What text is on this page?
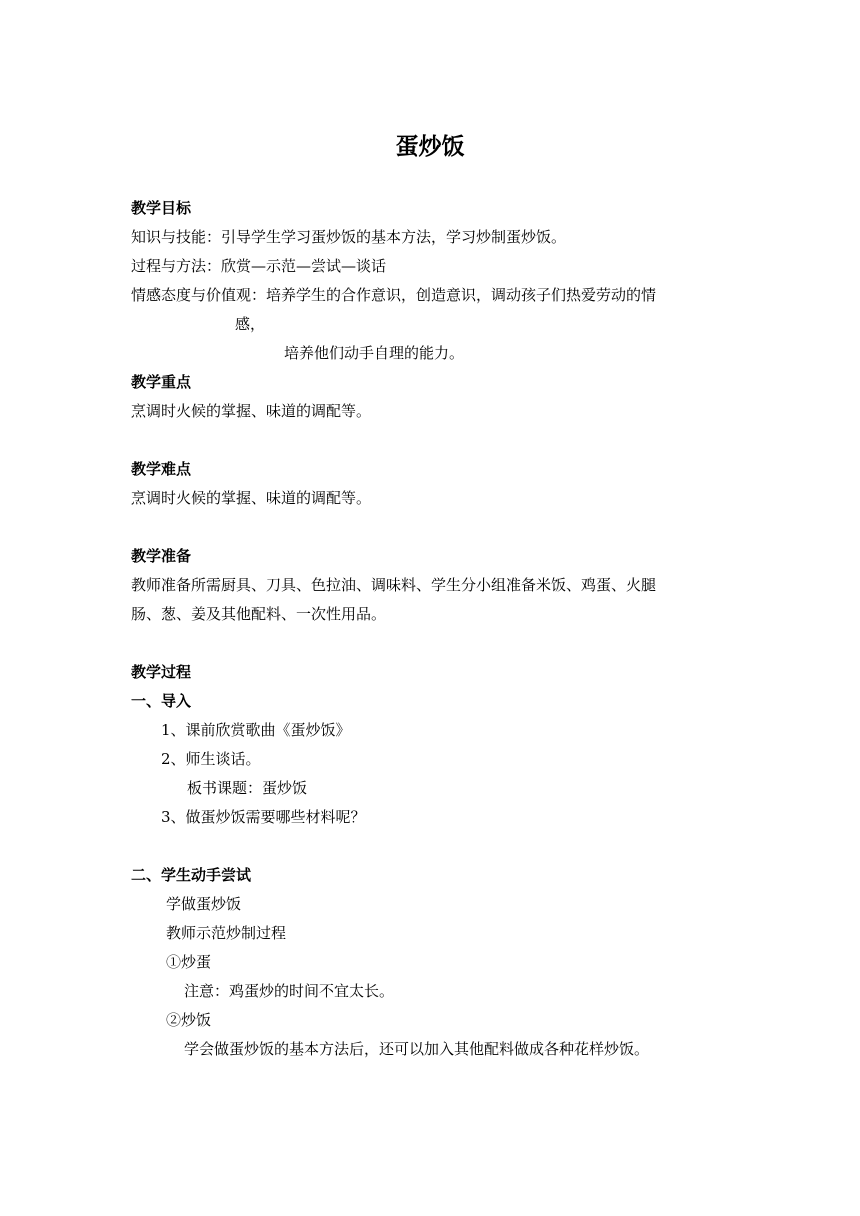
蛋炒饭
教学目标
知识与技能：引导学生学习蛋炒饭的基本方法，学习炒制蛋炒饭。
过程与方法：欣赏—示范—尝试—谈话
情感态度与价值观：培养学生的合作意识，创造意识，调动孩子们热爱劳动的情
感，
培养他们动手自理的能力。
教学重点
烹调时火候的掌握、味道的调配等。
教学难点
烹调时火候的掌握、味道的调配等。
教学准备
教师准备所需厨具、刀具、色拉油、调味料、学生分小组准备米饭、鸡蛋、火腿
肠、葱、姜及其他配料、一次性用品。
教学过程
一、导入
1、课前欣赏歌曲《蛋炒饭》
2、师生谈话。
板书课题：蛋炒饭
3、做蛋炒饭需要哪些材料呢？
二、学生动手尝试
学做蛋炒饭
教师示范炒制过程
①炒蛋
注意：鸡蛋炒的时间不宜太长。
②炒饭
学会做蛋炒饭的基本方法后，还可以加入其他配料做成各种花样炒饭。
